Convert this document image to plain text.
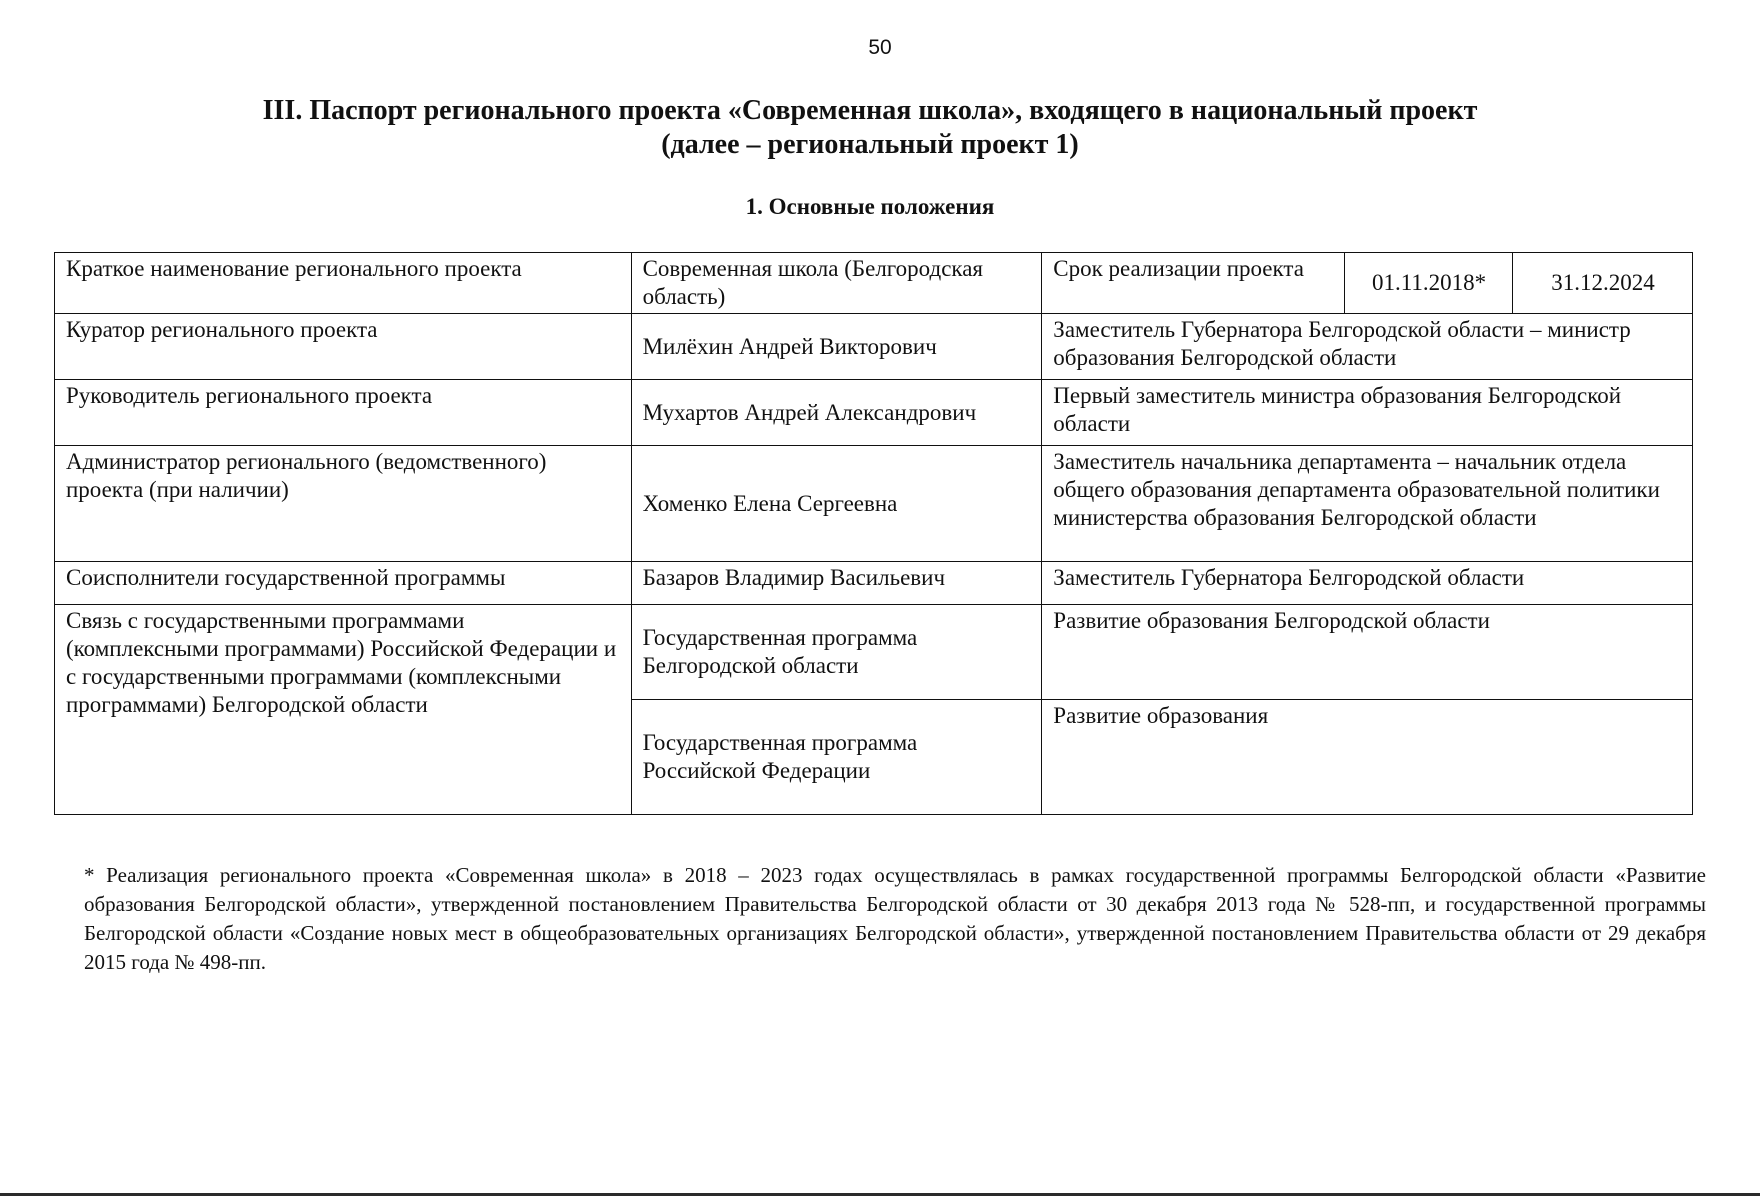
50
III. Паспорт регионального проекта «Современная школа», входящего в национальный проект
(далее – региональный проект 1)
1. Основные положения
Краткое наименование регионального проекта	Современная школа (Белгородская область)	Срок реализации проекта	01.11.2018*	31.12.2024
Куратор регионального проекта	Милёхин Андрей Викторович	Заместитель Губернатора Белгородской области – министр образования Белгородской области		
Руководитель регионального проекта	Мухартов Андрей Александрович	Первый заместитель министра образования Белгородской области		
Администратор регионального (ведомственного) проекта (при наличии)	Хоменко Елена Сергеевна	Заместитель начальника департамента – начальник отдела общего образования департамента образовательной политики министерства образования Белгородской области		
Соисполнители государственной программы	Базаров Владимир Васильевич	Заместитель Губернатора Белгородской области		
Связь с государственными программами (комплексными программами) Российской Федерации и с государственными программами (комплексными программами) Белгородской области	Государственная программа Белгородской области	Развитие образования Белгородской области		
	Государственная программа Российской Федерации	Развитие образования		
* Реализация регионального проекта «Современная школа» в 2018 – 2023 годах осуществлялась в рамках государственной программы Белгородской области «Развитие образования Белгородской области», утвержденной постановлением Правительства Белгородской области от 30 декабря 2013 года № 528-пп, и государственной программы Белгородской области «Создание новых мест в общеобразовательных организациях Белгородской области», утвержденной постановлением Правительства области от 29 декабря 2015 года № 498-пп.
